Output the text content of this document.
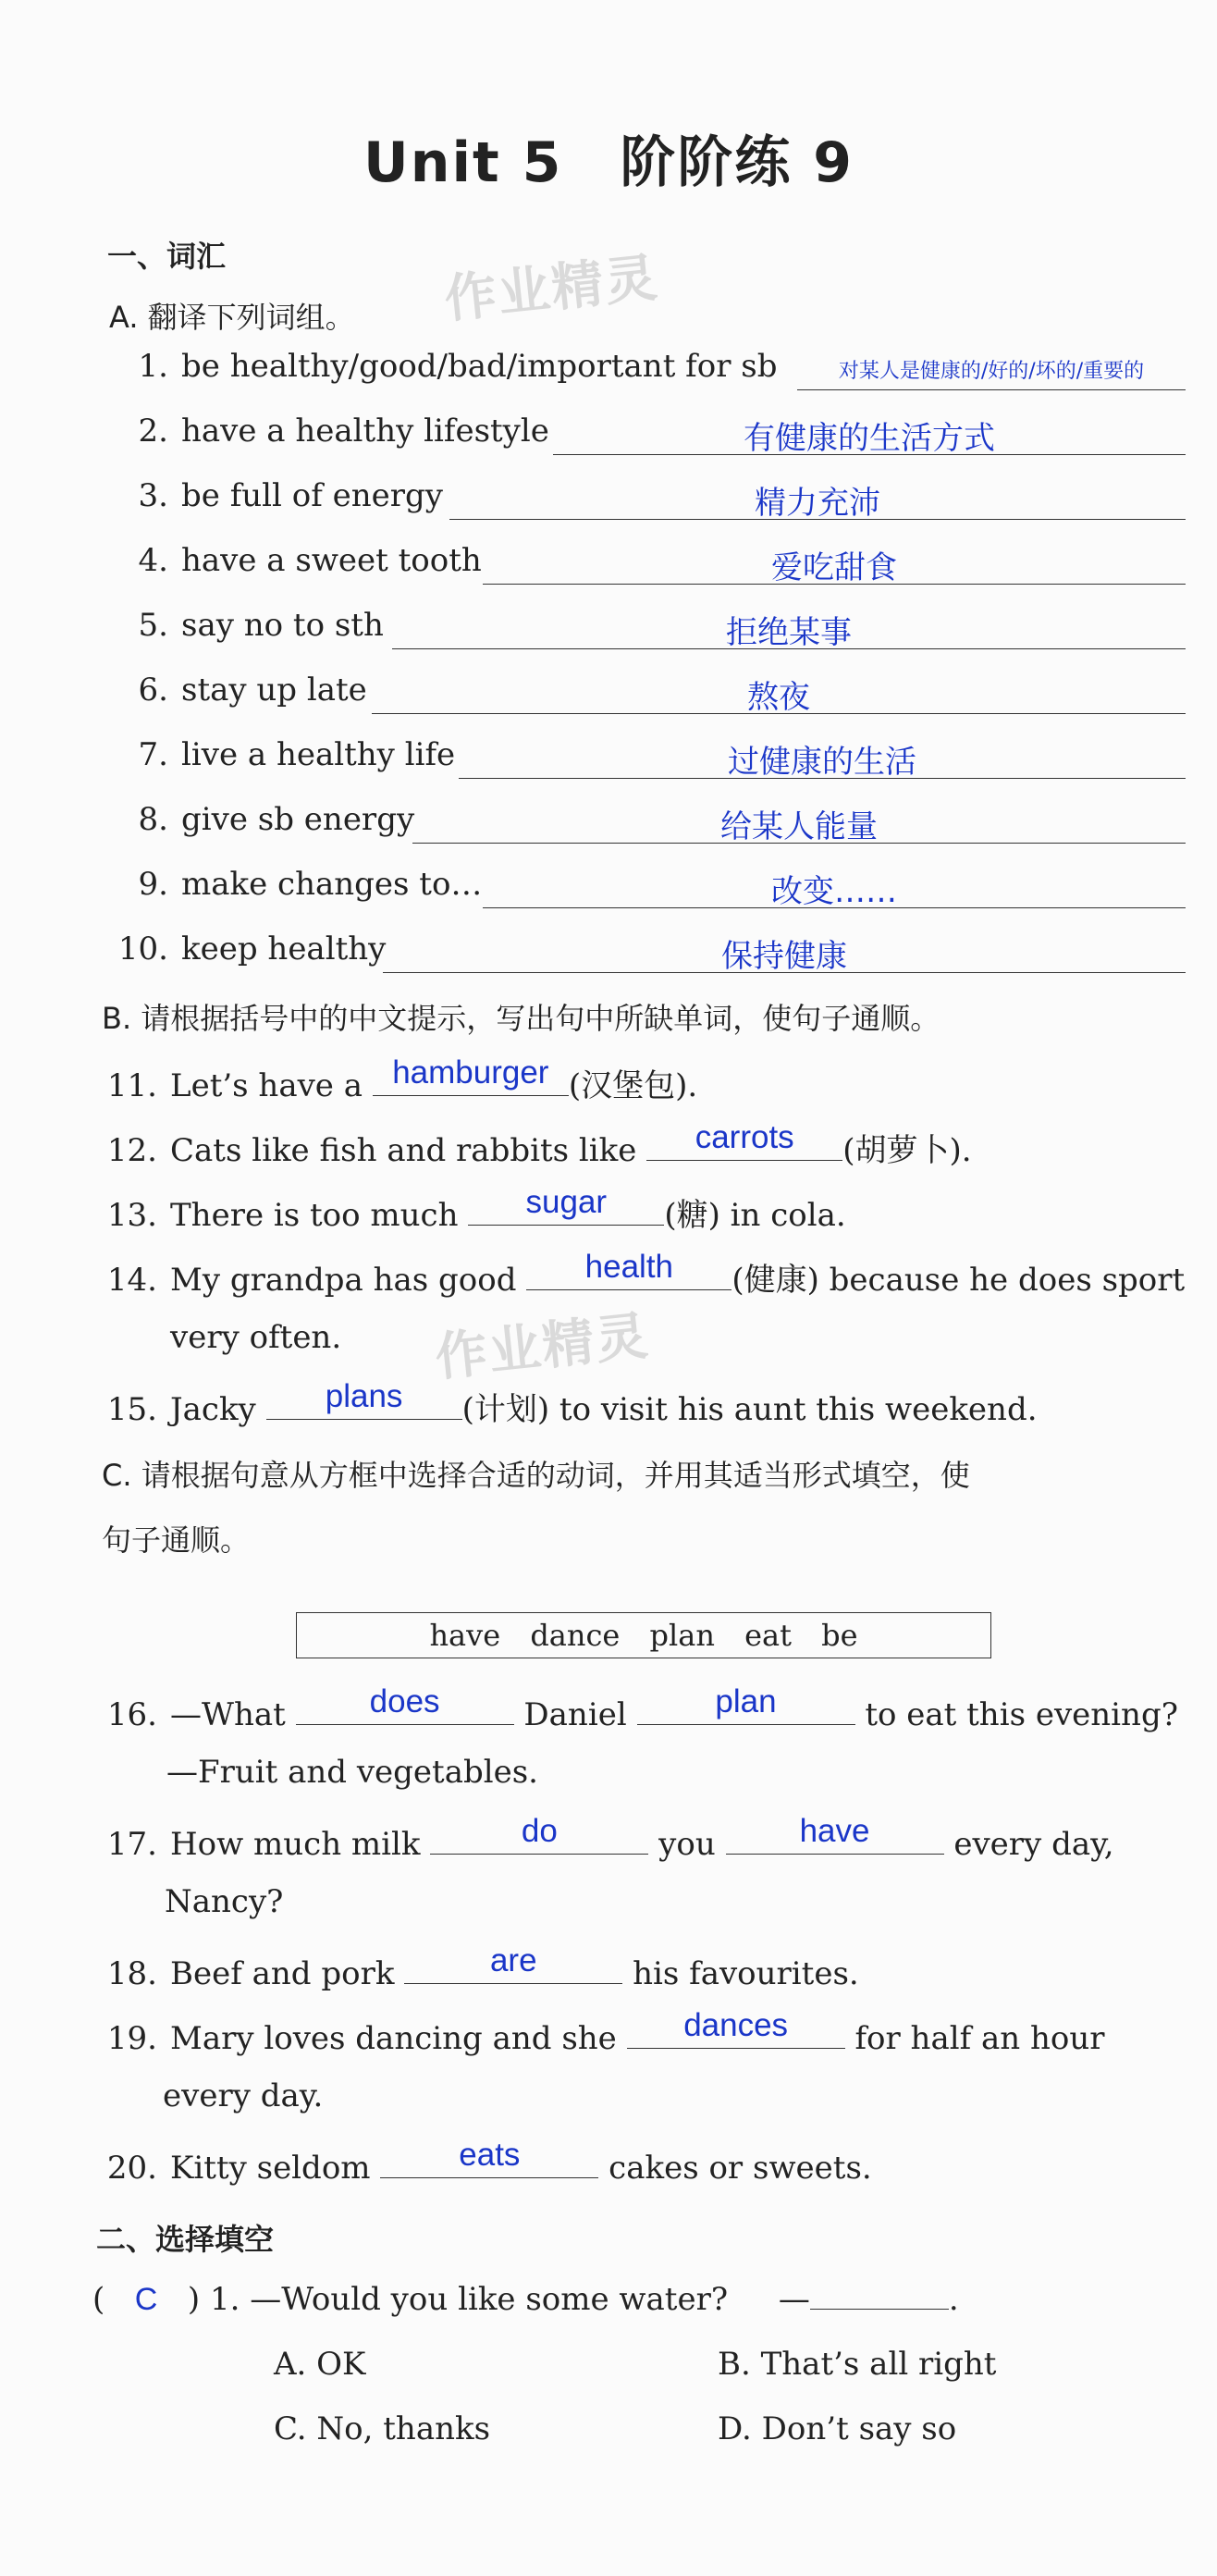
Unit 5　阶阶练 9
作业精灵
作业精灵
一、词汇
A. 翻译下列词组。
1. be healthy/good/bad/important for sb	对某人是健康的/好的/坏的/重要的
2. have a healthy lifestyle	有健康的生活方式
3. be full of energy	精力充沛
4. have a sweet tooth	爱吃甜食
5. say no to sth	拒绝某事
6. stay up late	熬夜
7. live a healthy life	过健康的生活
8. give sb energy	给某人能量
9. make changes to…	改变……
10. keep healthy	保持健康
B. 请根据括号中的中文提示，写出句中所缺单词，使句子通顺。
11. Let’s have a hamburger (汉堡包).
12. Cats like fish and rabbits like	carrots	(胡萝卜).
13. There is too much	sugar	(糖) in cola.
14. My grandpa has good	health	(健康) because he does sport
very often.
15. Jacky	plans	(计划) to visit his aunt this weekend.
C. 请根据句意从方框中选择合适的动词，并用其适当形式填空，使
句子通顺。
have dance plan eat be
16. —What	does	Daniel	plan	to eat this evening?
—Fruit and vegetables.
17. How much milk	do	you	have	every day,
Nancy?
18. Beef and pork	are	his favourites.
19. Mary loves dancing and she	dances	for half an hour
every day.
20. Kitty seldom	eats	cakes or sweets.
二、选择填空
( C ) 1. —Would you like some water? —	.
A. OK	B. That’s all right
C. No, thanks	D. Don’t say so
